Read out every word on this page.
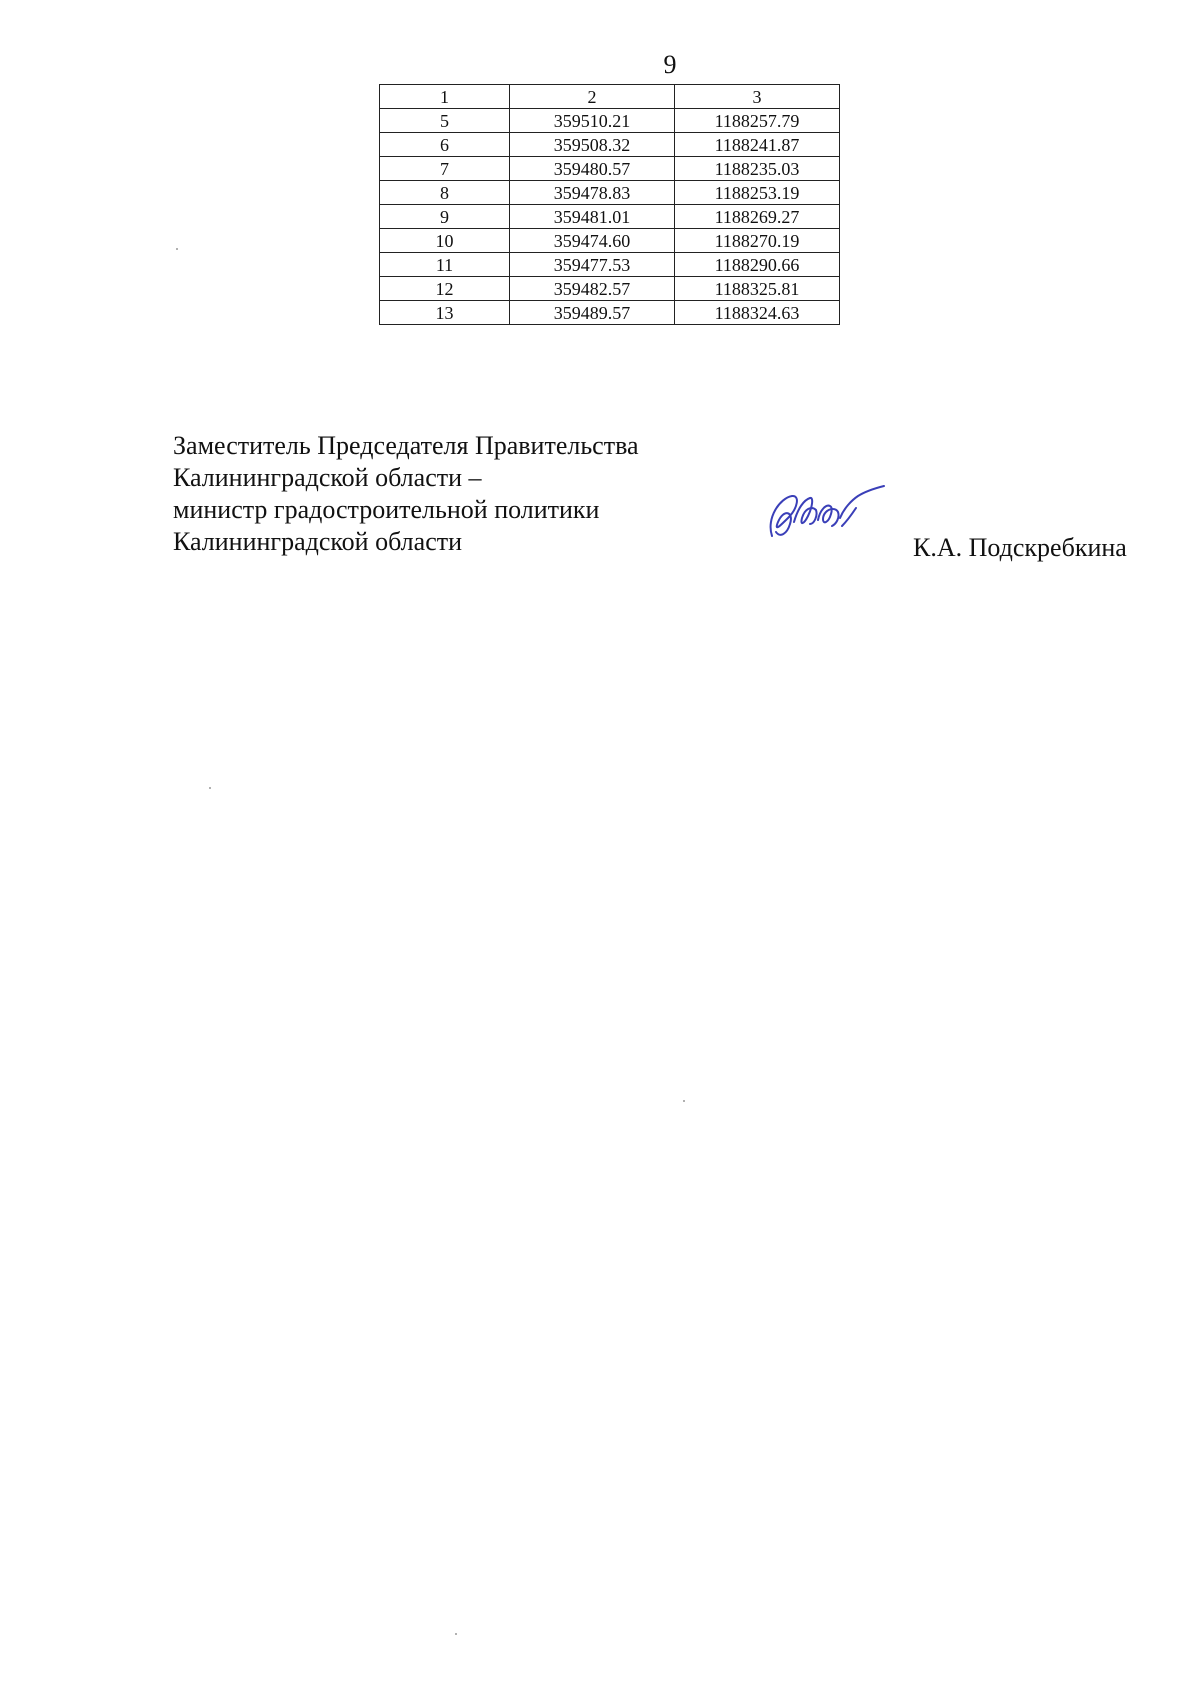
9
1	2	3
5	359510.21	1188257.79
6	359508.32	1188241.87
7	359480.57	1188235.03
8	359478.83	1188253.19
9	359481.01	1188269.27
10	359474.60	1188270.19
11	359477.53	1188290.66
12	359482.57	1188325.81
13	359489.57	1188324.63
Заместитель Председателя Правительства
Калининградской области –
министр градостроительной политики
Калининградской области	К.А. Подскребкина
